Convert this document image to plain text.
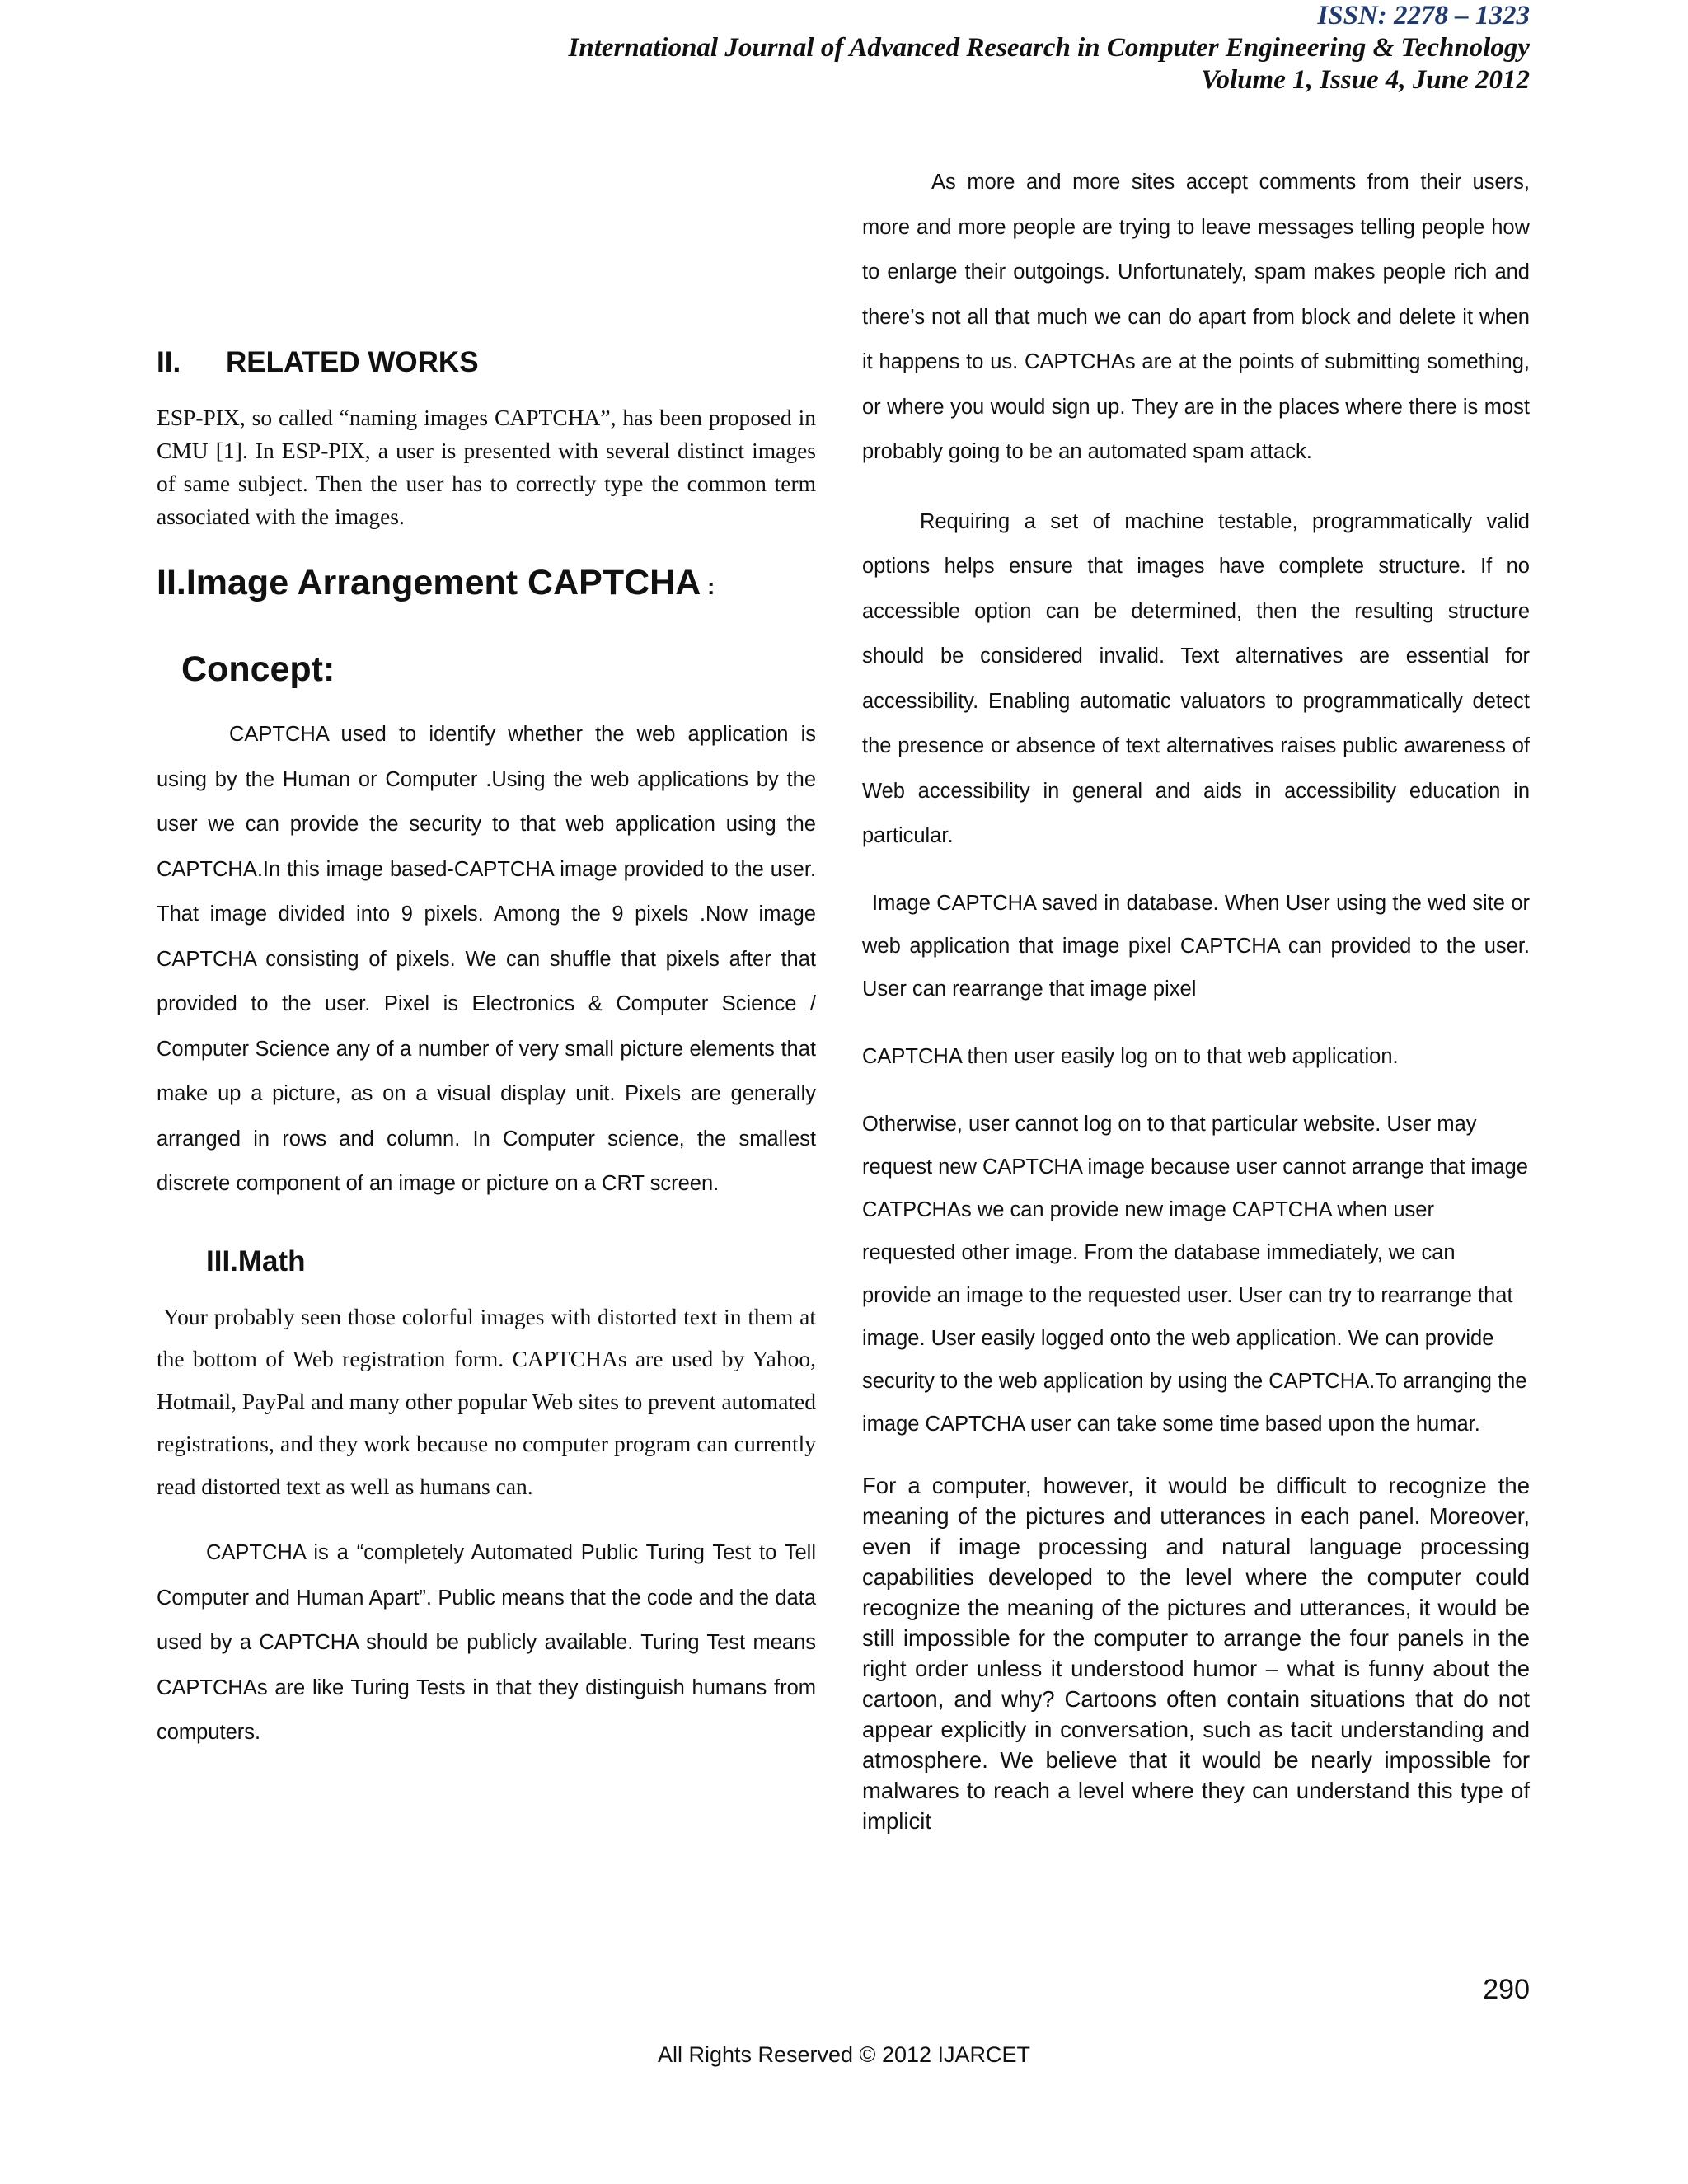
ISSN: 2278 – 1323
International Journal of Advanced Research in Computer Engineering & Technology
Volume 1, Issue 4, June 2012
II. RELATED WORKS

ESP-PIX, so called “naming images CAPTCHA”, has been proposed in CMU [1]. In ESP-PIX, a user is presented with several distinct images of same subject. Then the user has to correctly type the common term associated with the images.

II.Image Arrangement CAPTCHA :
Concept:

CAPTCHA used to identify whether the web application is using by the Human or Computer .Using the web applications by the user we can provide the security to that web application using the CAPTCHA.In this image based-CAPTCHA image provided to the user. That image divided into 9 pixels. Among the 9 pixels .Now image CAPTCHA consisting of pixels. We can shuffle that pixels after that provided to the user. Pixel is Electronics & Computer Science / Computer Science any of a number of very small picture elements that make up a picture, as on a visual display unit. Pixels are generally arranged in rows and column. In Computer science, the smallest discrete component of an image or picture on a CRT screen.

III.Math

Your probably seen those colorful images with distorted text in them at the bottom of Web registration form. CAPTCHAs are used by Yahoo, Hotmail, PayPal and many other popular Web sites to prevent automated registrations, and they work because no computer program can currently read distorted text as well as humans can.

CAPTCHA is a “completely Automated Public Turing Test to Tell Computer and Human Apart”. Public means that the code and the data used by a CAPTCHA should be publicly available. Turing Test means CAPTCHAs are like Turing Tests in that they distinguish humans from computers.

As more and more sites accept comments from their users, more and more people are trying to leave messages telling people how to enlarge their outgoings. Unfortunately, spam makes people rich and there’s not all that much we can do apart from block and delete it when it happens to us. CAPTCHAs are at the points of submitting something, or where you would sign up. They are in the places where there is most probably going to be an automated spam attack.

Requiring a set of machine testable, programmatically valid options helps ensure that images have complete structure. If no accessible option can be determined, then the resulting structure should be considered invalid. Text alternatives are essential for accessibility. Enabling automatic valuators to programmatically detect the presence or absence of text alternatives raises public awareness of Web accessibility in general and aids in accessibility education in particular.

Image CAPTCHA saved in database. When User using the wed site or web application that image pixel CAPTCHA can provided to the user. User can rearrange that image pixel

CAPTCHA then user easily log on to that web application.

Otherwise, user cannot log on to that particular website. User may request new CAPTCHA image because user cannot arrange that image CATPCHAs we can provide new image CAPTCHA when user requested other image. From the database immediately, we can provide an image to the requested user. User can try to rearrange that image. User easily logged onto the web application. We can provide security to the web application by using the CAPTCHA.To arranging the image CAPTCHA user can take some time based upon the humar.

For a computer, however, it would be difficult to recognize the meaning of the pictures and utterances in each panel. Moreover, even if image processing and natural language processing capabilities developed to the level where the computer could recognize the meaning of the pictures and utterances, it would be still impossible for the computer to arrange the four panels in the right order unless it understood humor – what is funny about the cartoon, and why? Cartoons often contain situations that do not appear explicitly in conversation, such as tacit understanding and atmosphere. We believe that it would be nearly impossible for malwares to reach a level where they can understand this type of implicit

290
All Rights Reserved © 2012 IJARCET
